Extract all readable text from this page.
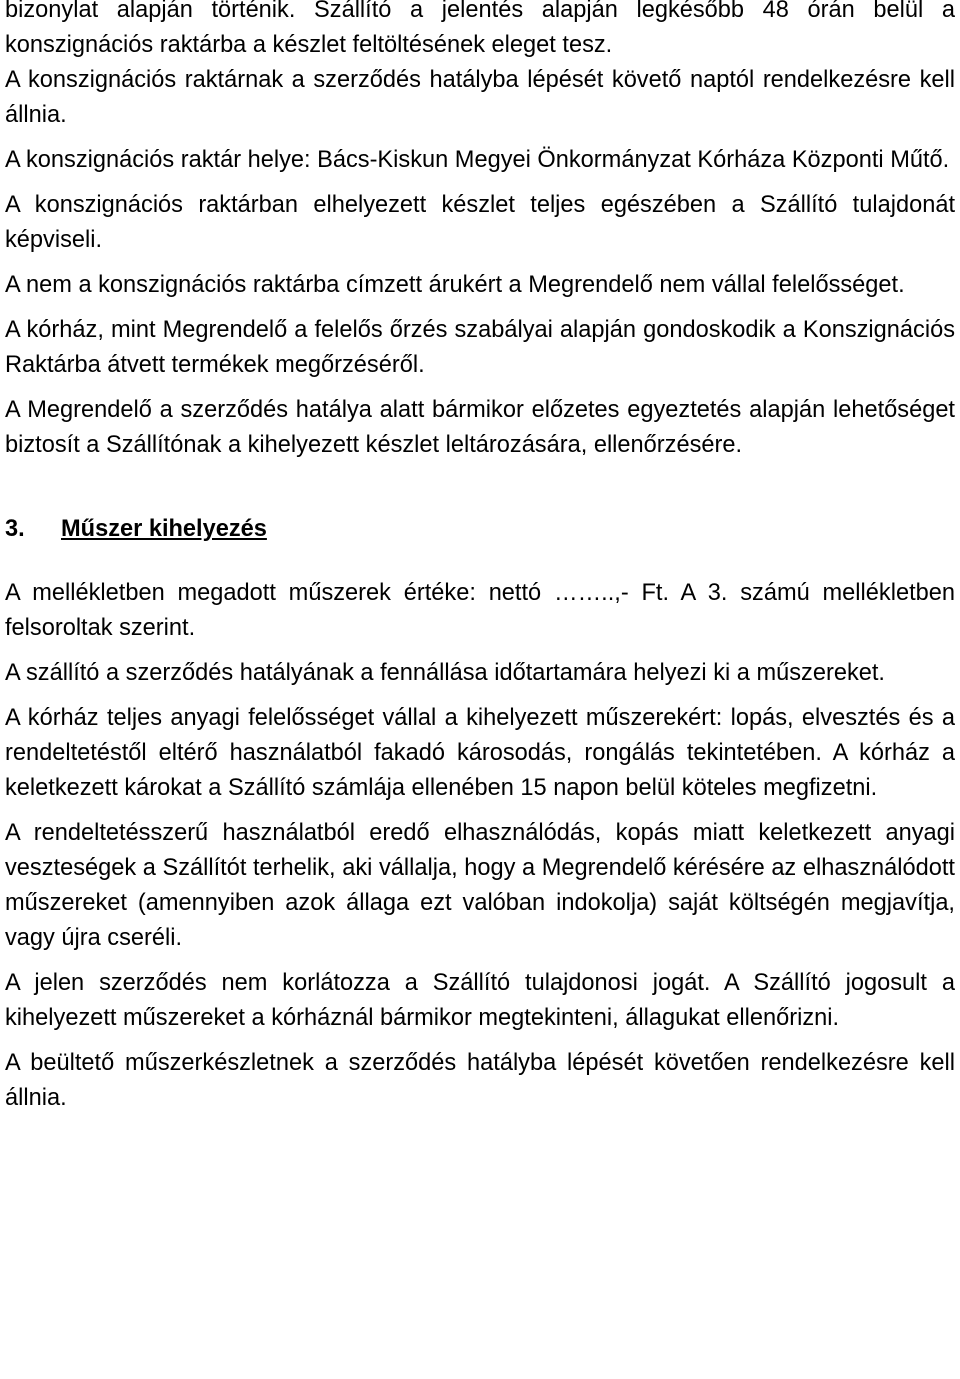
bizonylat alapján történik. Szállító a jelentés alapján legkésőbb 48 órán belül a konszignációs raktárba a készlet feltöltésének eleget tesz.

A konszignációs raktárnak a szerződés hatályba lépését követő naptól rendelkezésre kell állnia.

A konszignációs raktár helye: Bács-Kiskun Megyei Önkormányzat Kórháza Központi Műtő.

A konszignációs raktárban elhelyezett készlet teljes egészében a Szállító tulajdonát képviseli.

A nem a konszignációs raktárba címzett árukért a Megrendelő nem vállal felelősséget.

A kórház, mint Megrendelő a felelős őrzés szabályai alapján gondoskodik a Konszignációs Raktárba átvett termékek megőrzéséről.

A Megrendelő a szerződés hatálya alatt bármikor előzetes egyeztetés alapján lehetőséget biztosít a Szállítónak a kihelyezett készlet leltározására, ellenőrzésére.

3. Műszer kihelyezés

A mellékletben megadott műszerek értéke: nettó ……..,- Ft. A 3. számú mellékletben felsoroltak szerint.

A szállító a szerződés hatályának a fennállása időtartamára helyezi ki a műszereket.

A kórház teljes anyagi felelősséget vállal a kihelyezett műszerekért: lopás, elvesztés és a rendeltetéstől eltérő használatból fakadó károsodás, rongálás tekintetében. A kórház a keletkezett károkat a Szállító számlája ellenében 15 napon belül köteles megfizetni.

A rendeltetésszerű használatból eredő elhasználódás, kopás miatt keletkezett anyagi veszteségek a Szállítót terhelik, aki vállalja, hogy a Megrendelő kérésére az elhasználódott műszereket (amennyiben azok állaga ezt valóban indokolja) saját költségén megjavítja, vagy újra cseréli.

A jelen szerződés nem korlátozza a Szállító tulajdonosi jogát. A Szállító jogosult a kihelyezett műszereket a kórháznál bármikor megtekinteni, állagukat ellenőrizni.

A beültető műszerkészletnek a szerződés hatályba lépését követően rendelkezésre kell állnia.
